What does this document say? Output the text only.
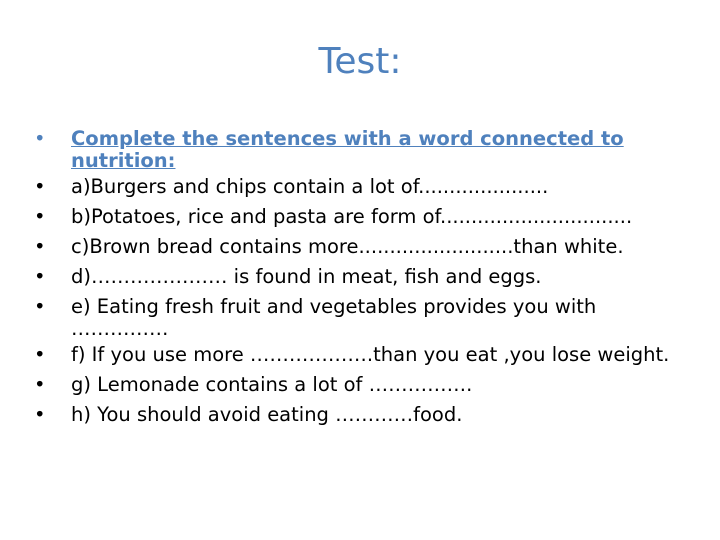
Test:
•	Complete the sentences with a word connected to nutrition:
•	a)Burgers and chips contain a lot of.....................
•	b)Potatoes, rice and pasta are form of...............................
•	c)Brown bread contains more.........................than white.
•	d)………………… is found in meat, fish and eggs.
•	e) Eating fresh fruit and vegetables provides you with ……………
•	f) If you use more ……………….than you eat ,you lose weight.
•	g) Lemonade contains a lot of …………….
•	h) You should avoid eating …………food.
